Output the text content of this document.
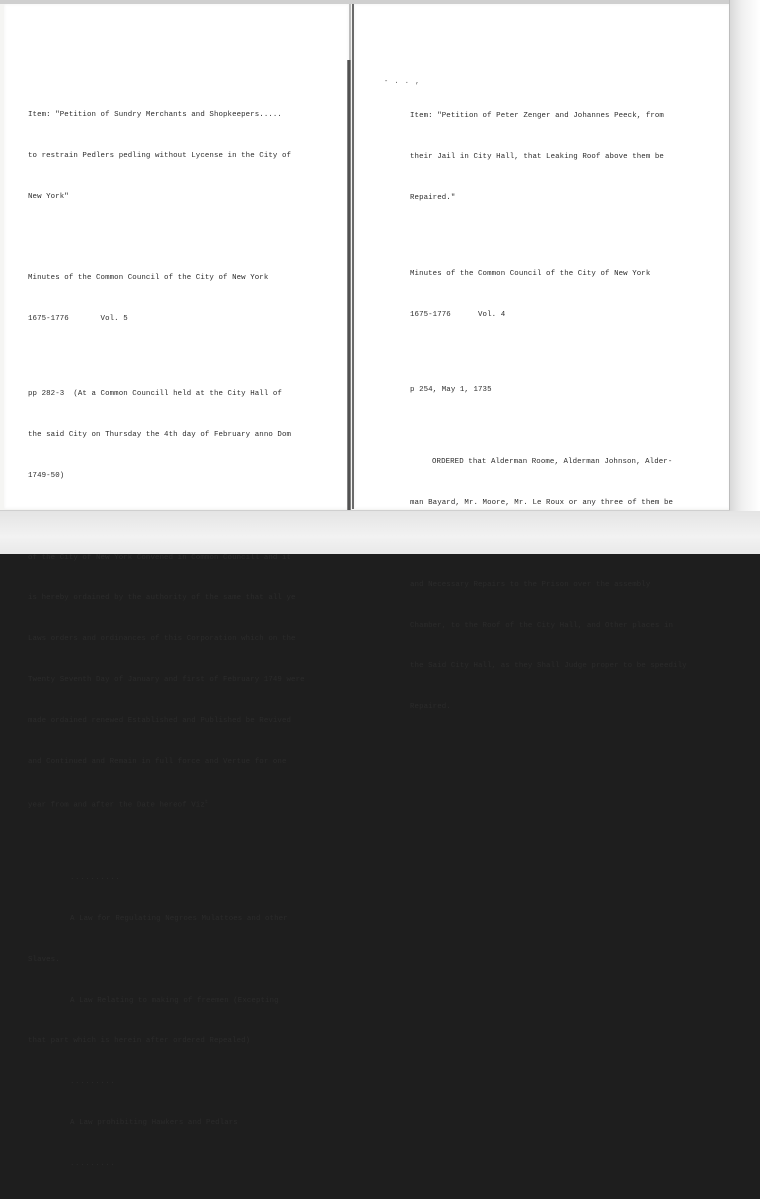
Item: "Petition of Sundry Merchants and Shopkeepers.....

to restrain Pedlers pedling without Lycense in the City of

New York"

Minutes of the Common Council of the City of New York

1675-1776       Vol. 5

pp 282-3  (At a Common Councill held at the City Hall of

the said City on Thursday the 4th day of February anno Dom

1749-50)

of the City of New York Convened in Common Councill and it

is hereby ordained by the authority of the same that all ye

Laws orders and ordinances of this Corporation which on the

Twenty Seventh Day of January and first of February 1749 were

made ordained renewed Established and Published be Revived

and Continued and Remain in full force and Vertue for one

year from and after the Date hereof Viz$^t$

..........

A Law for Regulating Negroes Mulattoes and other

Slaves.

A Law Relating to making of freemen (Excepting

that part which is herein after ordered Repealed)

.........

A Law prohibiting Hawkers and Pedlars

.........

- . . ,

Item: "Petition of Peter Zenger and Johannes Peeck, from

their Jail in City Hall, that Leaking Roof above them be

Repaired."

Minutes of the Common Council of the City of New York

1675-1776      Vol. 4

p 254, May 1, 1735

ORDERED that Alderman Roome, Alderman Johnson, Alder-

man Bayard, Mr. Moore, Mr. Le Roux or any three of them be

and Necessary Repairs to the Prison over the assembly

Chamber, to the Roof of the City Hall, and Other places in

the Said City Hall, as they Shall Judge proper to be speedily

Repaired.
